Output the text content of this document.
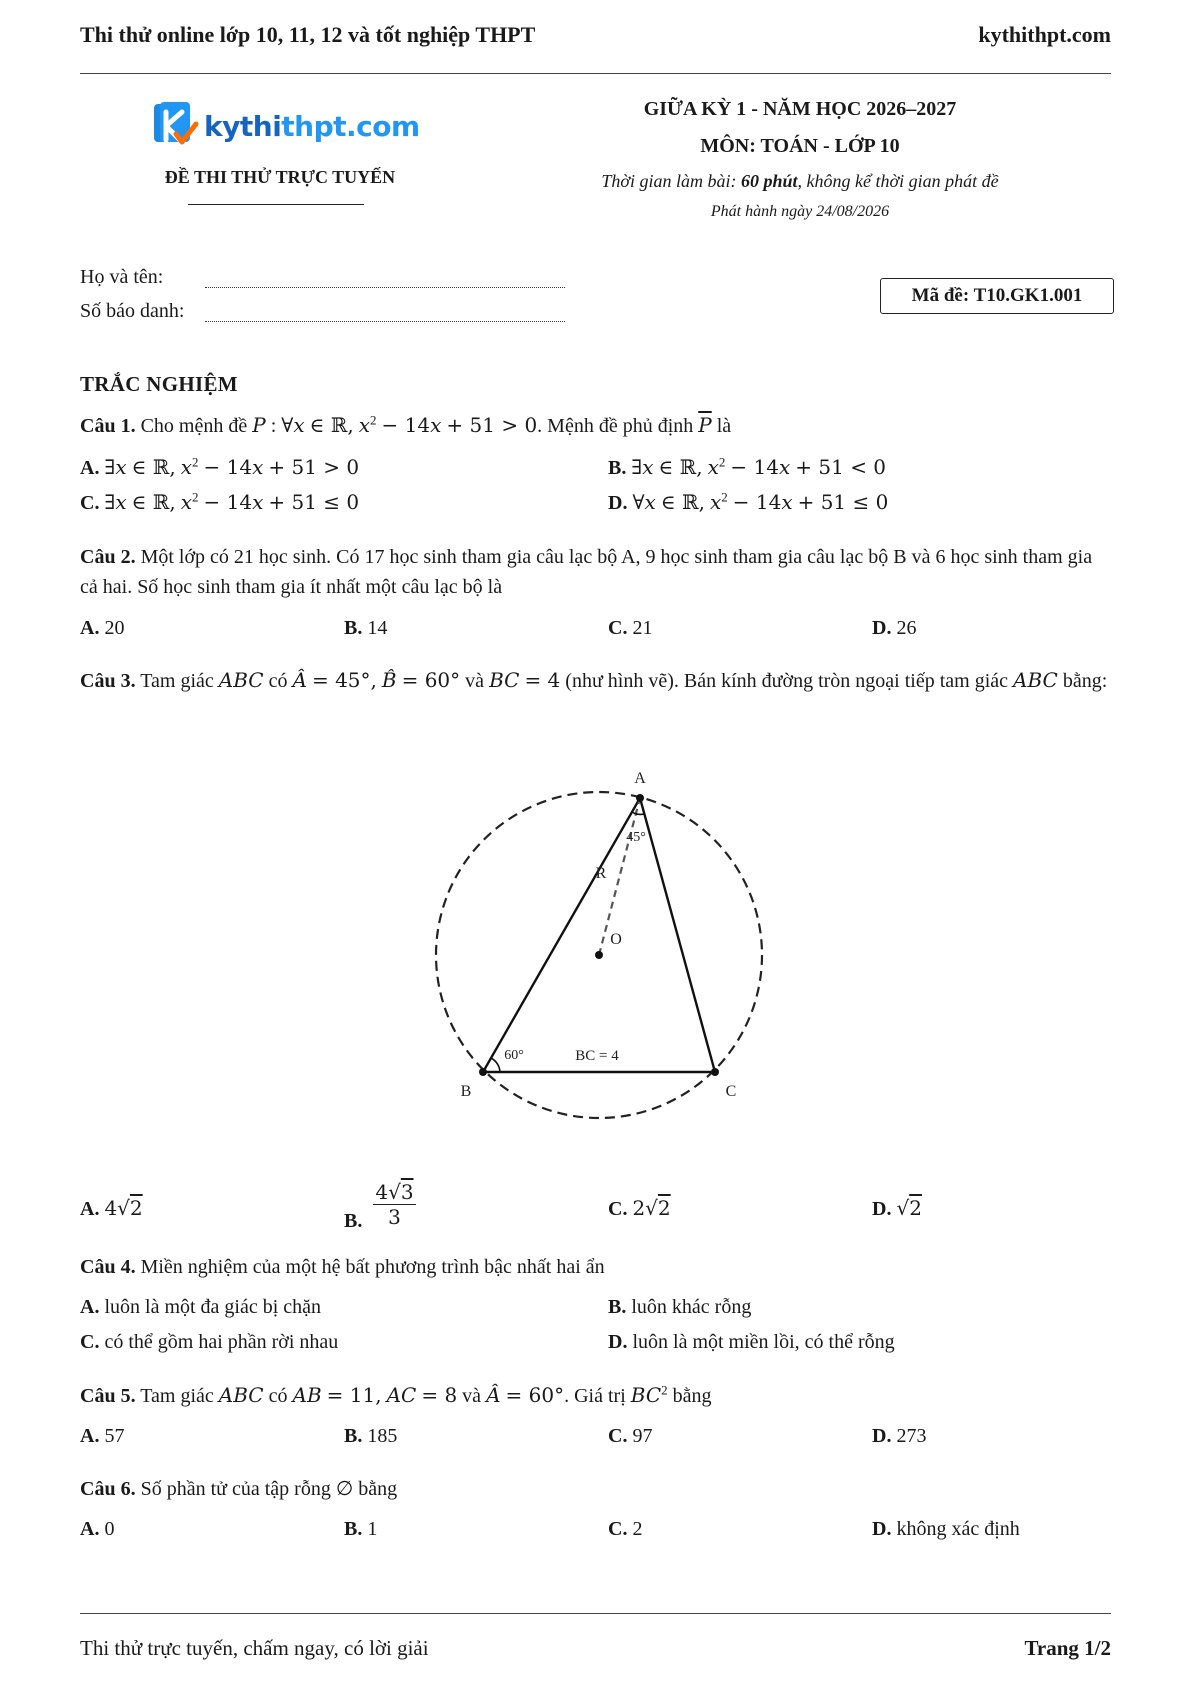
Thi thử online lớp 10, 11, 12 và tốt nghiệp THPT	kythithpt.com
kythithpt.com
ĐỀ THI THỬ TRỰC TUYẾN
GIỮA KỲ 1 - NĂM HỌC 2026–2027
MÔN: TOÁN - LỚP 10
Thời gian làm bài: 60 phút, không kể thời gian phát đề
Phát hành ngày 24/08/2026
Họ và tên:
Số báo danh:
Mã đề: T10.GK1.001
TRẮC NGHIỆM
Câu 1. Cho mệnh đề P : ∀x ∈ ℝ, $x^2 - 14x + 51 > 0$. Mệnh đề phủ định $\overline{P}$ là
A. ∃x ∈ ℝ, $x^2 - 14x + 51 > 0$	B. ∃x ∈ ℝ, $x^2 - 14x + 51 < 0$
C. ∃x ∈ ℝ, $x^2 - 14x + 51 \le 0$	D. ∀x ∈ ℝ, $x^2 - 14x + 51 \le 0$
Câu 2. Một lớp có 21 học sinh. Có 17 học sinh tham gia câu lạc bộ A, 9 học sinh tham gia câu lạc bộ B và 6 học sinh tham gia cả hai. Số học sinh tham gia ít nhất một câu lạc bộ là
A. 20	B. 14	C. 21	D. 26
Câu 3. Tam giác ABC có Â = 45°, B̂ = 60° và BC = 4 (như hình vẽ). Bán kính đường tròn ngoại tiếp tam giác ABC bằng:
A
B	C
O
R
45°
60°	BC = 4
A. 4√2
B. $\frac{4√3}{3}$	C. 2√2	D. √2
Câu 4. Miền nghiệm của một hệ bất phương trình bậc nhất hai ẩn
A. luôn là một đa giác bị chặn	B. luôn khác rỗng
C. có thể gồm hai phần rời nhau	D. luôn là một miền lồi, có thể rỗng
Câu 5. Tam giác ABC có AB = 11, AC = 8 và Â = 60°. Giá trị $BC^2$ bằng
A. 57	B. 185	C. 97	D. 273
Câu 6. Số phần tử của tập rỗng ∅ bằng
A. 0	B. 1	C. 2	D. không xác định
Thi thử trực tuyến, chấm ngay, có lời giải	Trang 1/2
